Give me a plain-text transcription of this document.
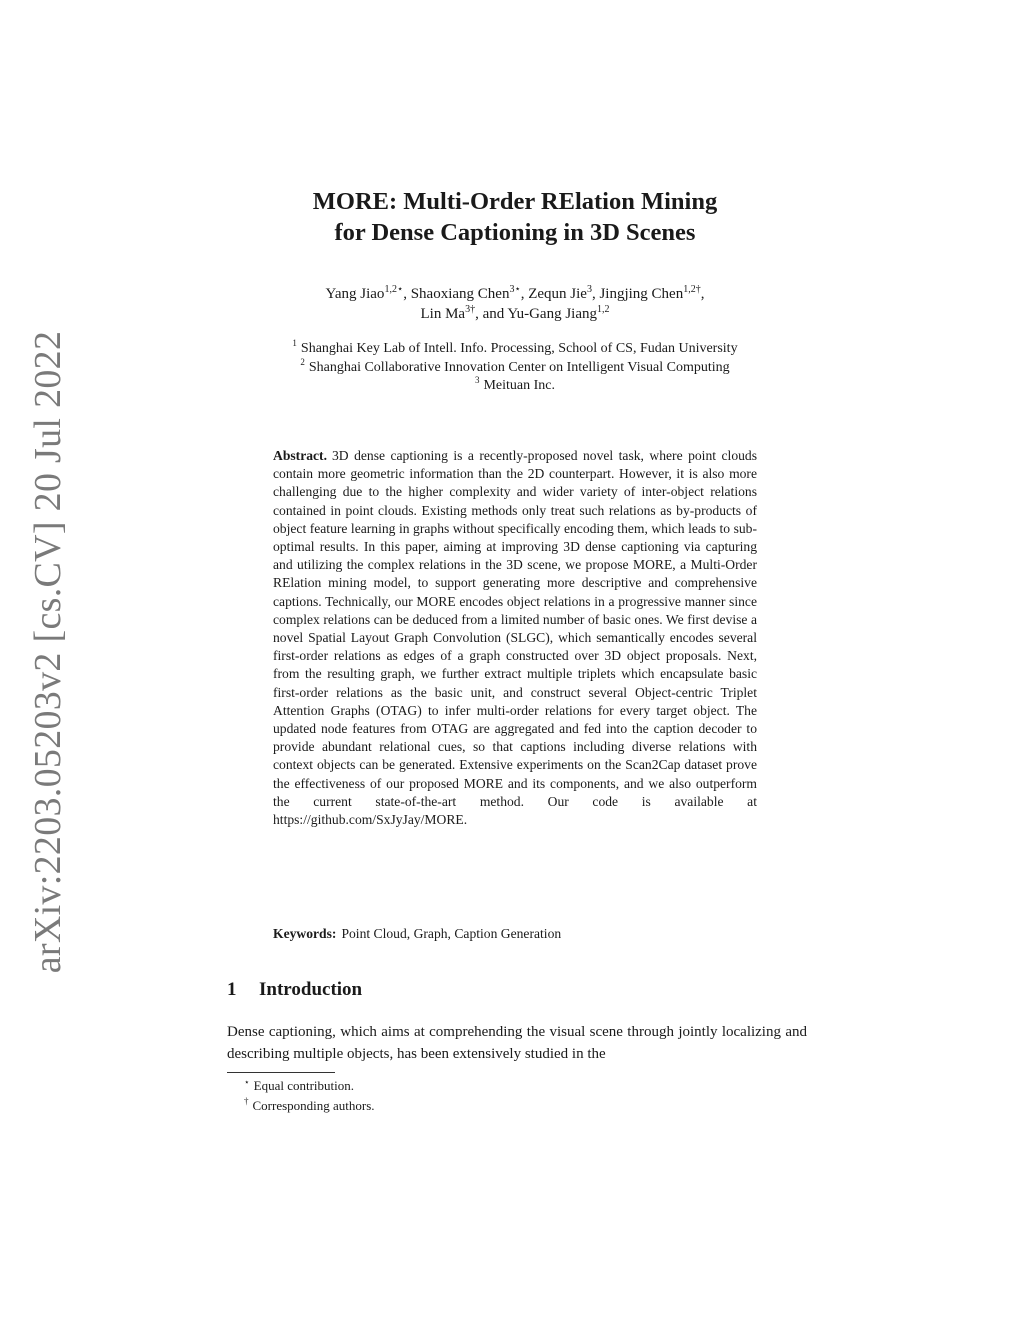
arXiv:2203.05203v2 [cs.CV] 20 Jul 2022
MORE: Multi-Order RElation Mining
for Dense Captioning in 3D Scenes
Yang Jiao$^{1,2⋆}$, Shaoxiang Chen$^{3⋆}$, Zequn Jie$^3$, Jingjing Chen$^{1,2\dagger}$,
Lin $Ma^{3\dagger}$, and Yu-Gang Jiang$^{1,2}$
$^1$ Shanghai Key Lab of Intell. Info. Processing, School of CS, Fudan University
$^2$ Shanghai Collaborative Innovation Center on Intelligent Visual Computing
$^3$ Meituan Inc.
Abstract. 3D dense captioning is a recently-proposed novel task, where point clouds contain more geometric information than the 2D counterpart. However, it is also more challenging due to the higher complexity and wider variety of inter-object relations contained in point clouds. Existing methods only treat such relations as by-products of object feature learning in graphs without specifically encoding them, which leads to sub-optimal results. In this paper, aiming at improving 3D dense captioning via capturing and utilizing the complex relations in the 3D scene, we propose MORE, a Multi-Order RElation mining model, to support generating more descriptive and comprehensive captions. Technically, our MORE encodes object relations in a progressive manner since complex relations can be deduced from a limited number of basic ones. We first devise a novel Spatial Layout Graph Convolution (SLGC), which semantically encodes several first-order relations as edges of a graph constructed over 3D object proposals. Next, from the resulting graph, we further extract multiple triplets which encapsulate basic first-order relations as the basic unit, and construct several Object-centric Triplet Attention Graphs (OTAG) to infer multi-order relations for every target object. The updated node features from OTAG are aggregated and fed into the caption decoder to provide abundant relational cues, so that captions including diverse relations with context objects can be generated. Extensive experiments on the Scan2Cap dataset prove the effectiveness of our proposed MORE and its components, and we also outperform the current state-of-the-art method. Our code is available at https://github.com/SxJyJay/MORE.
Keywords: Point Cloud, Graph, Caption Generation
1 Introduction
Dense captioning, which aims at comprehending the visual scene through jointly localizing and describing multiple objects, has been extensively studied in the
⋆ Equal contribution.
† Corresponding authors.
